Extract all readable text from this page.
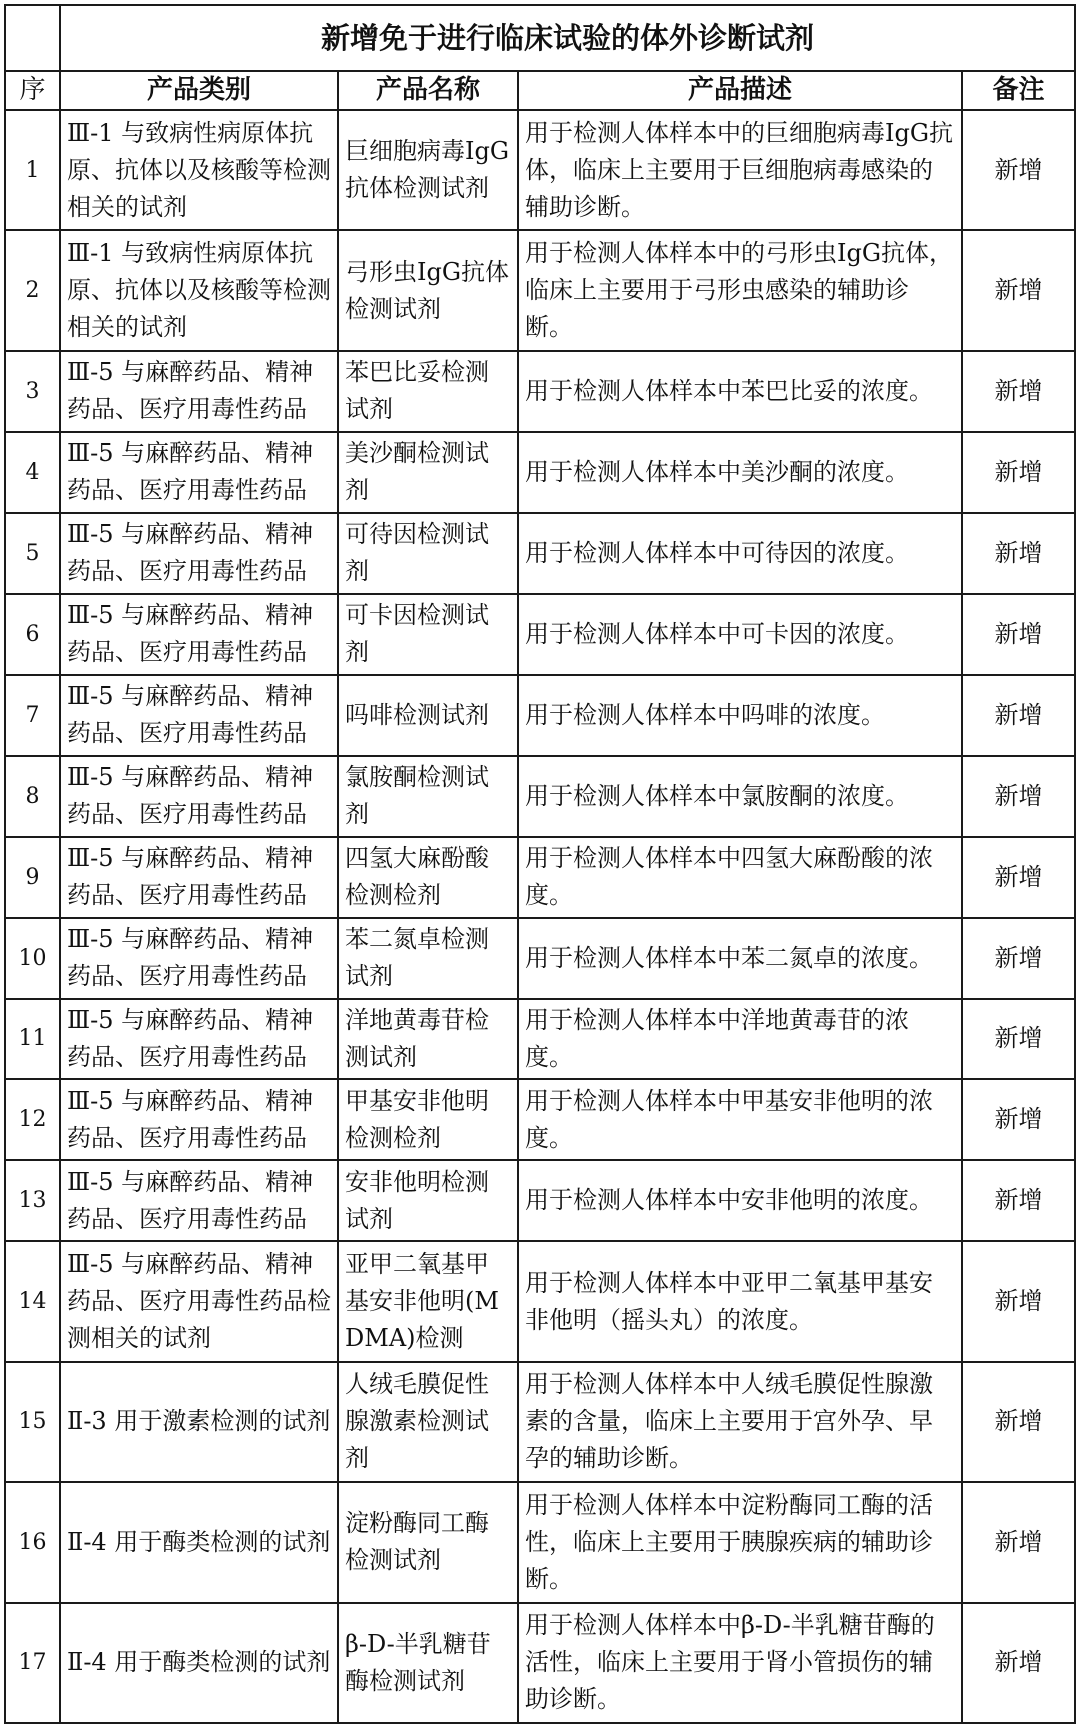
	新增免于进行临床试验的体外诊断试剂			
序	产品类别	产品名称	产品描述	备注
1	Ⅲ-1 与致病性病原体抗原、抗体以及核酸等检测相关的试剂	巨细胞病毒IgG抗体检测试剂	用于检测人体样本中的巨细胞病毒IgG抗体，临床上主要用于巨细胞病毒感染的辅助诊断。	新增
2	Ⅲ-1 与致病性病原体抗原、抗体以及核酸等检测相关的试剂	弓形虫IgG抗体检测试剂	用于检测人体样本中的弓形虫IgG抗体，临床上主要用于弓形虫感染的辅助诊断。	新增
3	Ⅲ-5 与麻醉药品、精神药品、医疗用毒性药品	苯巴比妥检测试剂	用于检测人体样本中苯巴比妥的浓度。	新增
4	Ⅲ-5 与麻醉药品、精神药品、医疗用毒性药品	美沙酮检测试剂	用于检测人体样本中美沙酮的浓度。	新增
5	Ⅲ-5 与麻醉药品、精神药品、医疗用毒性药品	可待因检测试剂	用于检测人体样本中可待因的浓度。	新增
6	Ⅲ-5 与麻醉药品、精神药品、医疗用毒性药品	可卡因检测试剂	用于检测人体样本中可卡因的浓度。	新增
7	Ⅲ-5 与麻醉药品、精神药品、医疗用毒性药品	吗啡检测试剂	用于检测人体样本中吗啡的浓度。	新增
8	Ⅲ-5 与麻醉药品、精神药品、医疗用毒性药品	氯胺酮检测试剂	用于检测人体样本中氯胺酮的浓度。	新增
9	Ⅲ-5 与麻醉药品、精神药品、医疗用毒性药品	四氢大麻酚酸检测检剂	用于检测人体样本中四氢大麻酚酸的浓度。	新增
10	Ⅲ-5 与麻醉药品、精神药品、医疗用毒性药品	苯二氮卓检测试剂	用于检测人体样本中苯二氮卓的浓度。	新增
11	Ⅲ-5 与麻醉药品、精神药品、医疗用毒性药品	洋地黄毒苷检测试剂	用于检测人体样本中洋地黄毒苷的浓度。	新增
12	Ⅲ-5 与麻醉药品、精神药品、医疗用毒性药品	甲基安非他明检测检剂	用于检测人体样本中甲基安非他明的浓度。	新增
13	Ⅲ-5 与麻醉药品、精神药品、医疗用毒性药品	安非他明检测试剂	用于检测人体样本中安非他明的浓度。	新增
14	Ⅲ-5 与麻醉药品、精神药品、医疗用毒性药品检测相关的试剂	亚甲二氧基甲基安非他明(MDMA)检测	用于检测人体样本中亚甲二氧基甲基安非他明（摇头丸）的浓度。	新增
15	Ⅱ-3 用于激素检测的试剂	人绒毛膜促性腺激素检测试剂	用于检测人体样本中人绒毛膜促性腺激素的含量，临床上主要用于宫外孕、早孕的辅助诊断。	新增
16	Ⅱ-4 用于酶类检测的试剂	淀粉酶同工酶检测试剂	用于检测人体样本中淀粉酶同工酶的活性，临床上主要用于胰腺疾病的辅助诊断。	新增
17	Ⅱ-4 用于酶类检测的试剂	β-D-半乳糖苷酶检测试剂	用于检测人体样本中β-D-半乳糖苷酶的活性，临床上主要用于肾小管损伤的辅助诊断。	新增
